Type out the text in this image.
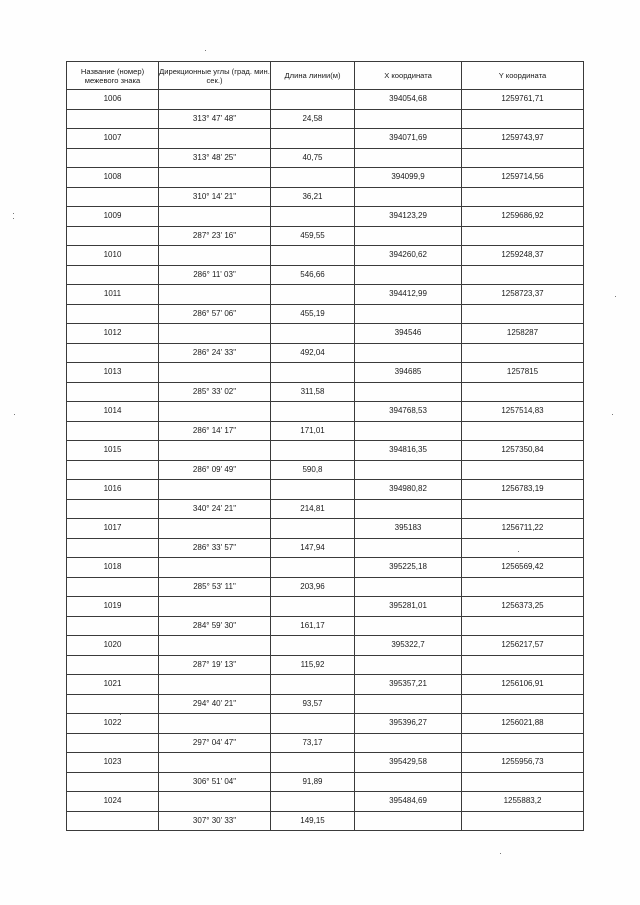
Название (номер) межевого знака	Дирекционные углы (град. мин. сек.)	Длина линии(м)	X координата	Y координата
1006			394054,68	1259761,71
	313° 47' 48"	24,58		
1007			394071,69	1259743,97
	313° 48' 25"	40,75		
1008			394099,9	1259714,56
	310° 14' 21"	36,21		
1009			394123,29	1259686,92
	287° 23' 16"	459,55		
1010			394260,62	1259248,37
	286° 11' 03"	546,66		
1011			394412,99	1258723,37
	286° 57' 06"	455,19		
1012			394546	1258287
	286° 24' 33"	492,04		
1013			394685	1257815
	285° 33' 02"	311,58		
1014			394768,53	1257514,83
	286° 14' 17"	171,01		
1015			394816,35	1257350,84
	286° 09' 49"	590,8		
1016			394980,82	1256783,19
	340° 24' 21"	214,81		
1017			395183	1256711,22
	286° 33' 57"	147,94		
1018			395225,18	1256569,42
	285° 53' 11"	203,96		
1019			395281,01	1256373,25
	284° 59' 30"	161,17		
1020			395322,7	1256217,57
	287° 19' 13"	115,92		
1021			395357,21	1256106,91
	294° 40' 21"	93,57		
1022			395396,27	1256021,88
	297° 04' 47"	73,17		
1023			395429,58	1255956,73
	306° 51' 04"	91,89		
1024			395484,69	1255883,2
	307° 30' 33"	149,15		
